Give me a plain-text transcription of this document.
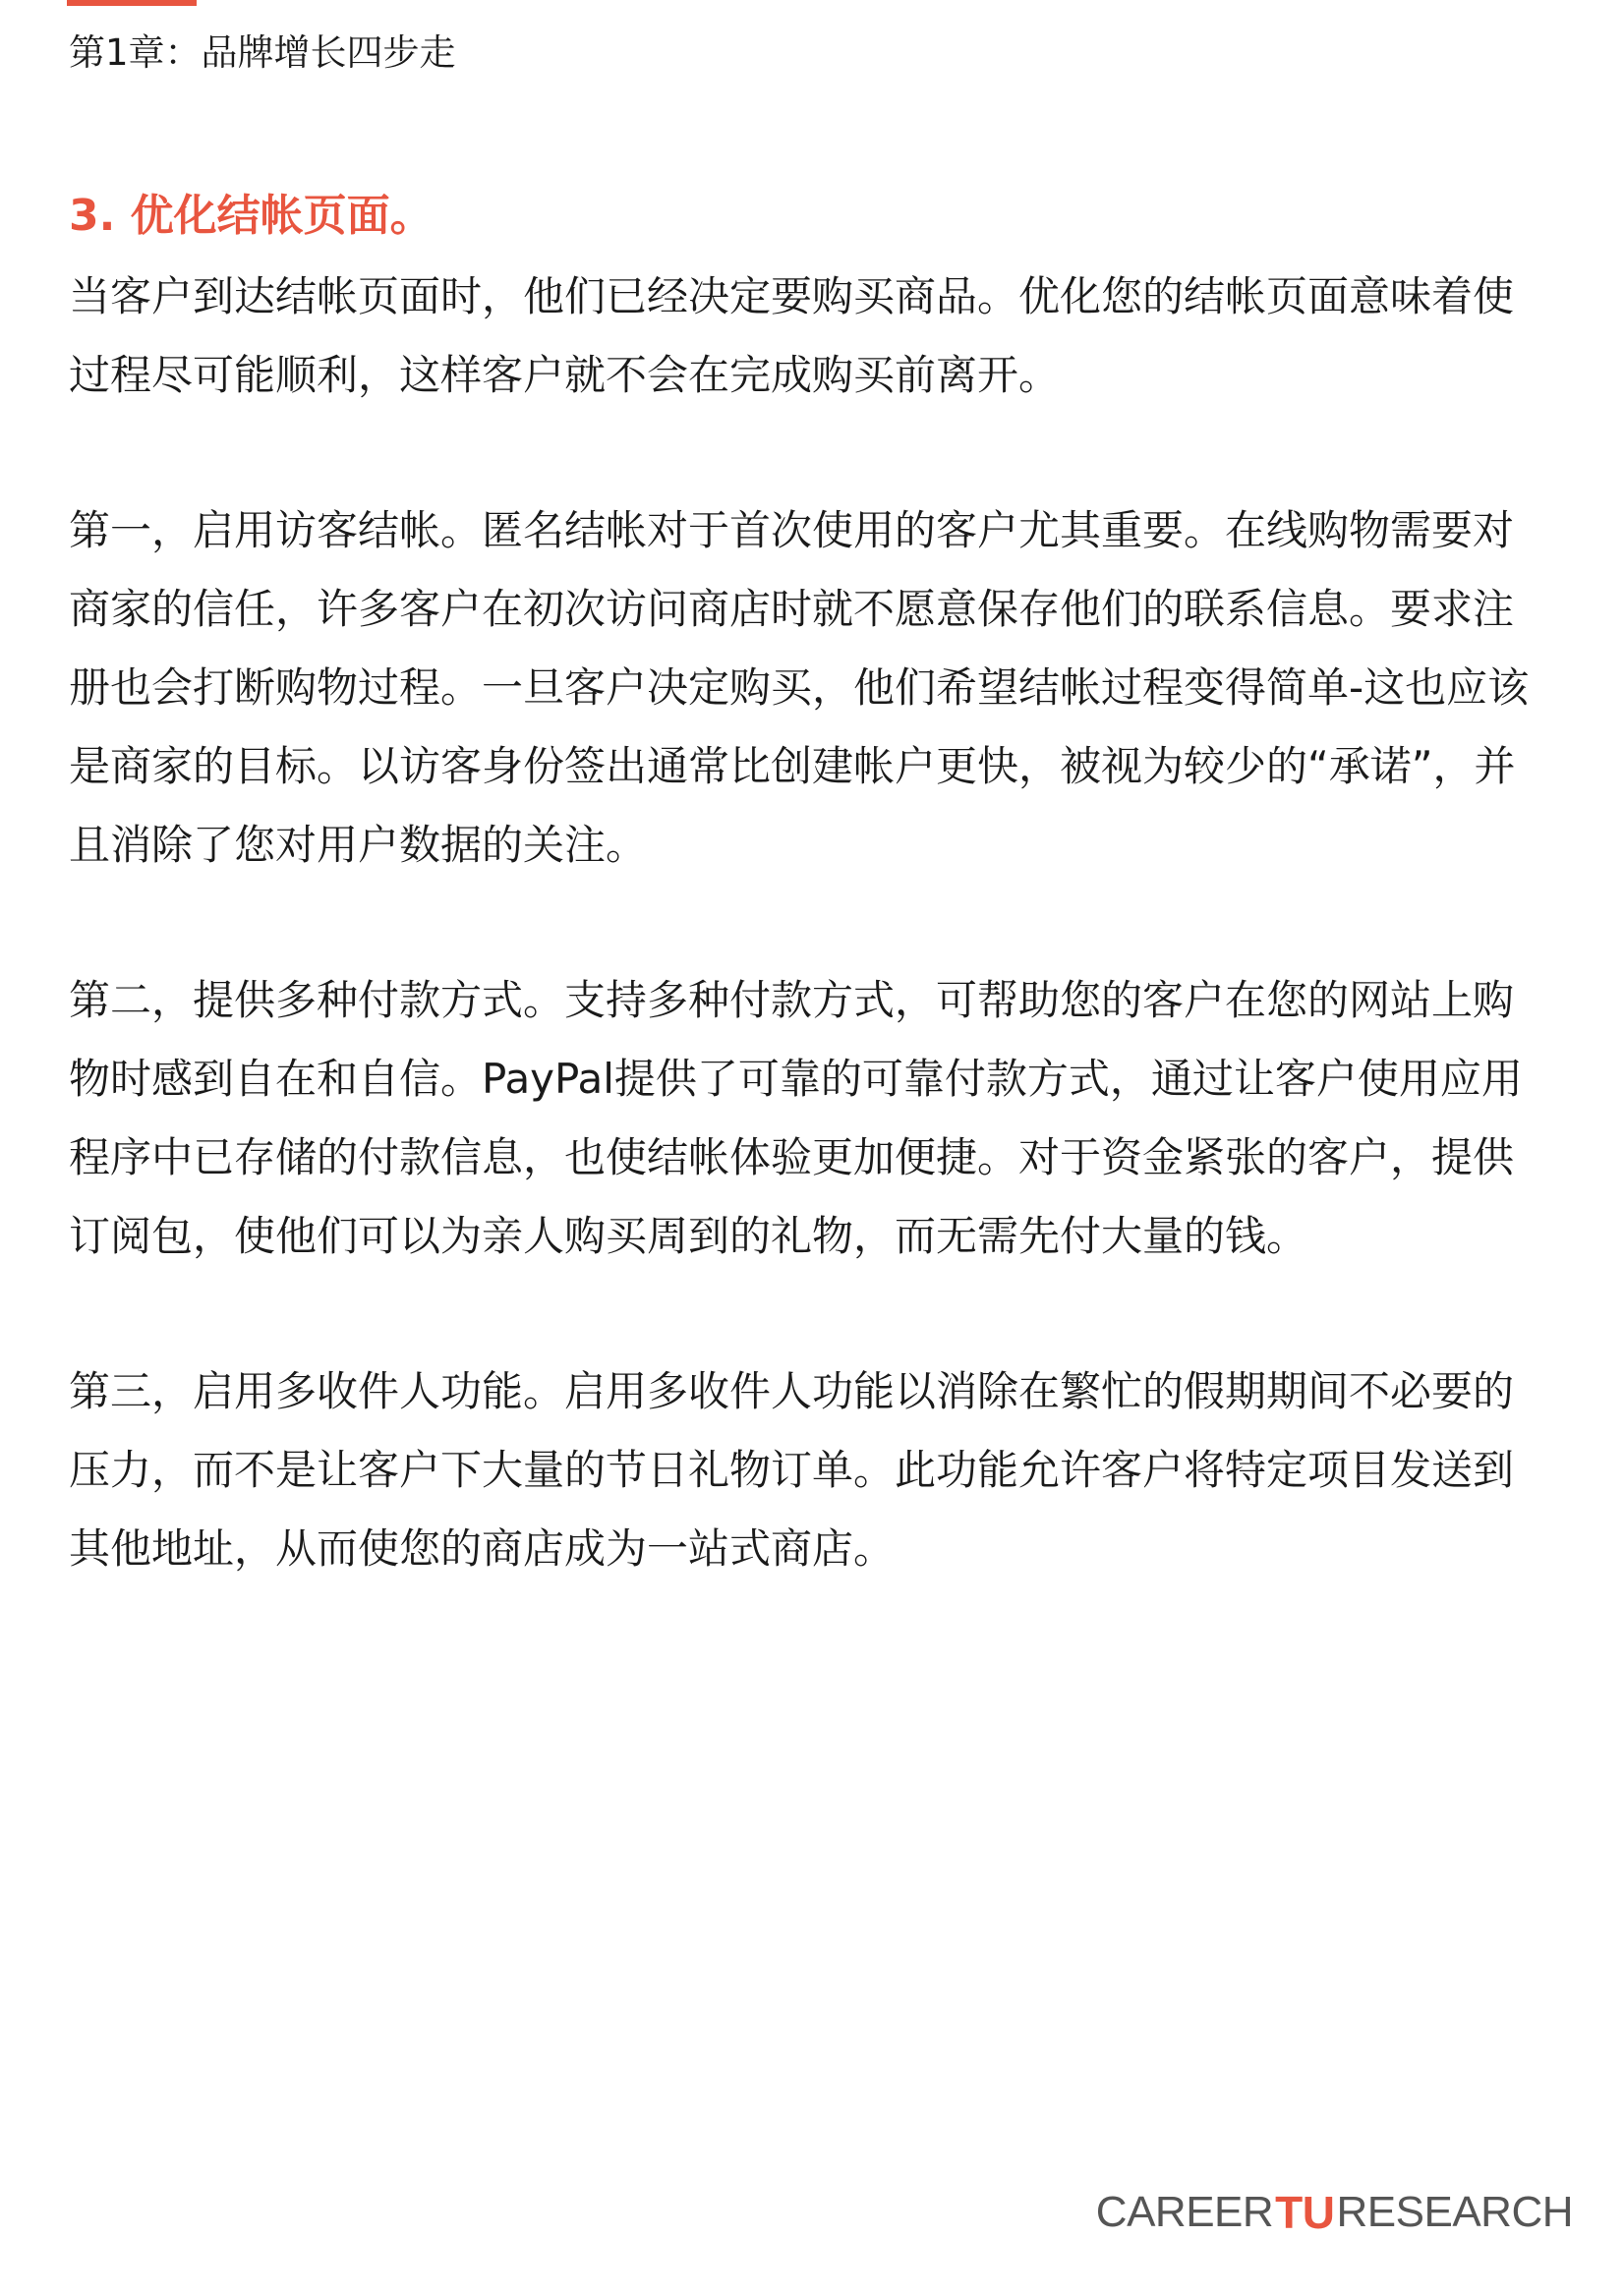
第1章：品牌增长四步走
3. 优化结帐页面。

当客户到达结帐页面时，他们已经决定要购买商品。优化您的结帐页面意味着使过程尽可能顺利，这样客户就不会在完成购买前离开。

第一，启用访客结帐。匿名结帐对于首次使用的客户尤其重要。在线购物需要对商家的信任，许多客户在初次访问商店时就不愿意保存他们的联系信息。要求注册也会打断购物过程。一旦客户决定购买，他们希望结帐过程变得简单-这也应该是商家的目标。以访客身份签出通常比创建帐户更快，被视为较少的“承诺”，并且消除了您对用户数据的关注。

第二，提供多种付款方式。支持多种付款方式，可帮助您的客户在您的网站上购物时感到自在和自信。PayPal提供了可靠的可靠付款方式，通过让客户使用应用程序中已存储的付款信息，也使结帐体验更加便捷。对于资金紧张的客户，提供订阅包，使他们可以为亲人购买周到的礼物，而无需先付大量的钱。

第三，启用多收件人功能。启用多收件人功能以消除在繁忙的假期期间不必要的压力，而不是让客户下大量的节日礼物订单。此功能允许客户将特定项目发送到其他地址，从而使您的商店成为一站式商店。

CAREER TU RESEARCH
